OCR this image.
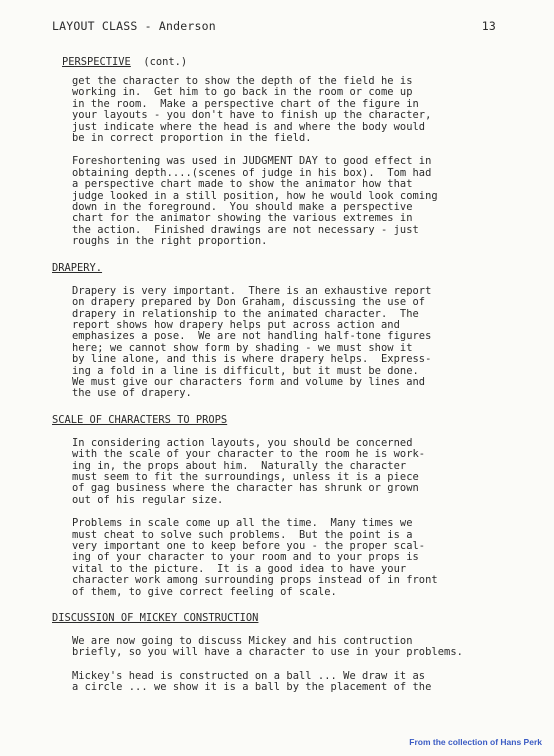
LAYOUT CLASS - Anderson	13
PERSPECTIVE  (cont.)
get the character to show the depth of the field he is
working in.  Get him to go back in the room or come up
in the room.  Make a perspective chart of the figure in
your layouts - you don't have to finish up the character,
just indicate where the head is and where the body would
be in correct proportion in the field.
Foreshortening was used in JUDGMENT DAY to good effect in
obtaining depth....(scenes of judge in his box).  Tom had
a perspective chart made to show the animator how that
judge looked in a still position, how he would look coming
down in the foreground.  You should make a perspective
chart for the animator showing the various extremes in
the action.  Finished drawings are not necessary - just
roughs in the right proportion.
DRAPERY.
Drapery is very important.  There is an exhaustive report
on drapery prepared by Don Graham, discussing the use of
drapery in relationship to the animated character.  The
report shows how drapery helps put across action and
emphasizes a pose.  We are not handling half-tone figures
here; we cannot show form by shading - we must show it
by line alone, and this is where drapery helps.  Express-
ing a fold in a line is difficult, but it must be done.
We must give our characters form and volume by lines and
the use of drapery.
SCALE OF CHARACTERS TO PROPS
In considering action layouts, you should be concerned
with the scale of your character to the room he is work-
ing in, the props about him.  Naturally the character
must seem to fit the surroundings, unless it is a piece
of gag business where the character has shrunk or grown
out of his regular size.
Problems in scale come up all the time.  Many times we
must cheat to solve such problems.  But the point is a
very important one to keep before you - the proper scal-
ing of your character to your room and to your props is
vital to the picture.  It is a good idea to have your
character work among surrounding props instead of in front
of them, to give correct feeling of scale.
DISCUSSION OF MICKEY CONSTRUCTION
We are now going to discuss Mickey and his contruction
briefly, so you will have a character to use in your problems.
Mickey's head is constructed on a ball ... We draw it as
a circle ... we show it is a ball by the placement of the
From the collection of Hans Perk
